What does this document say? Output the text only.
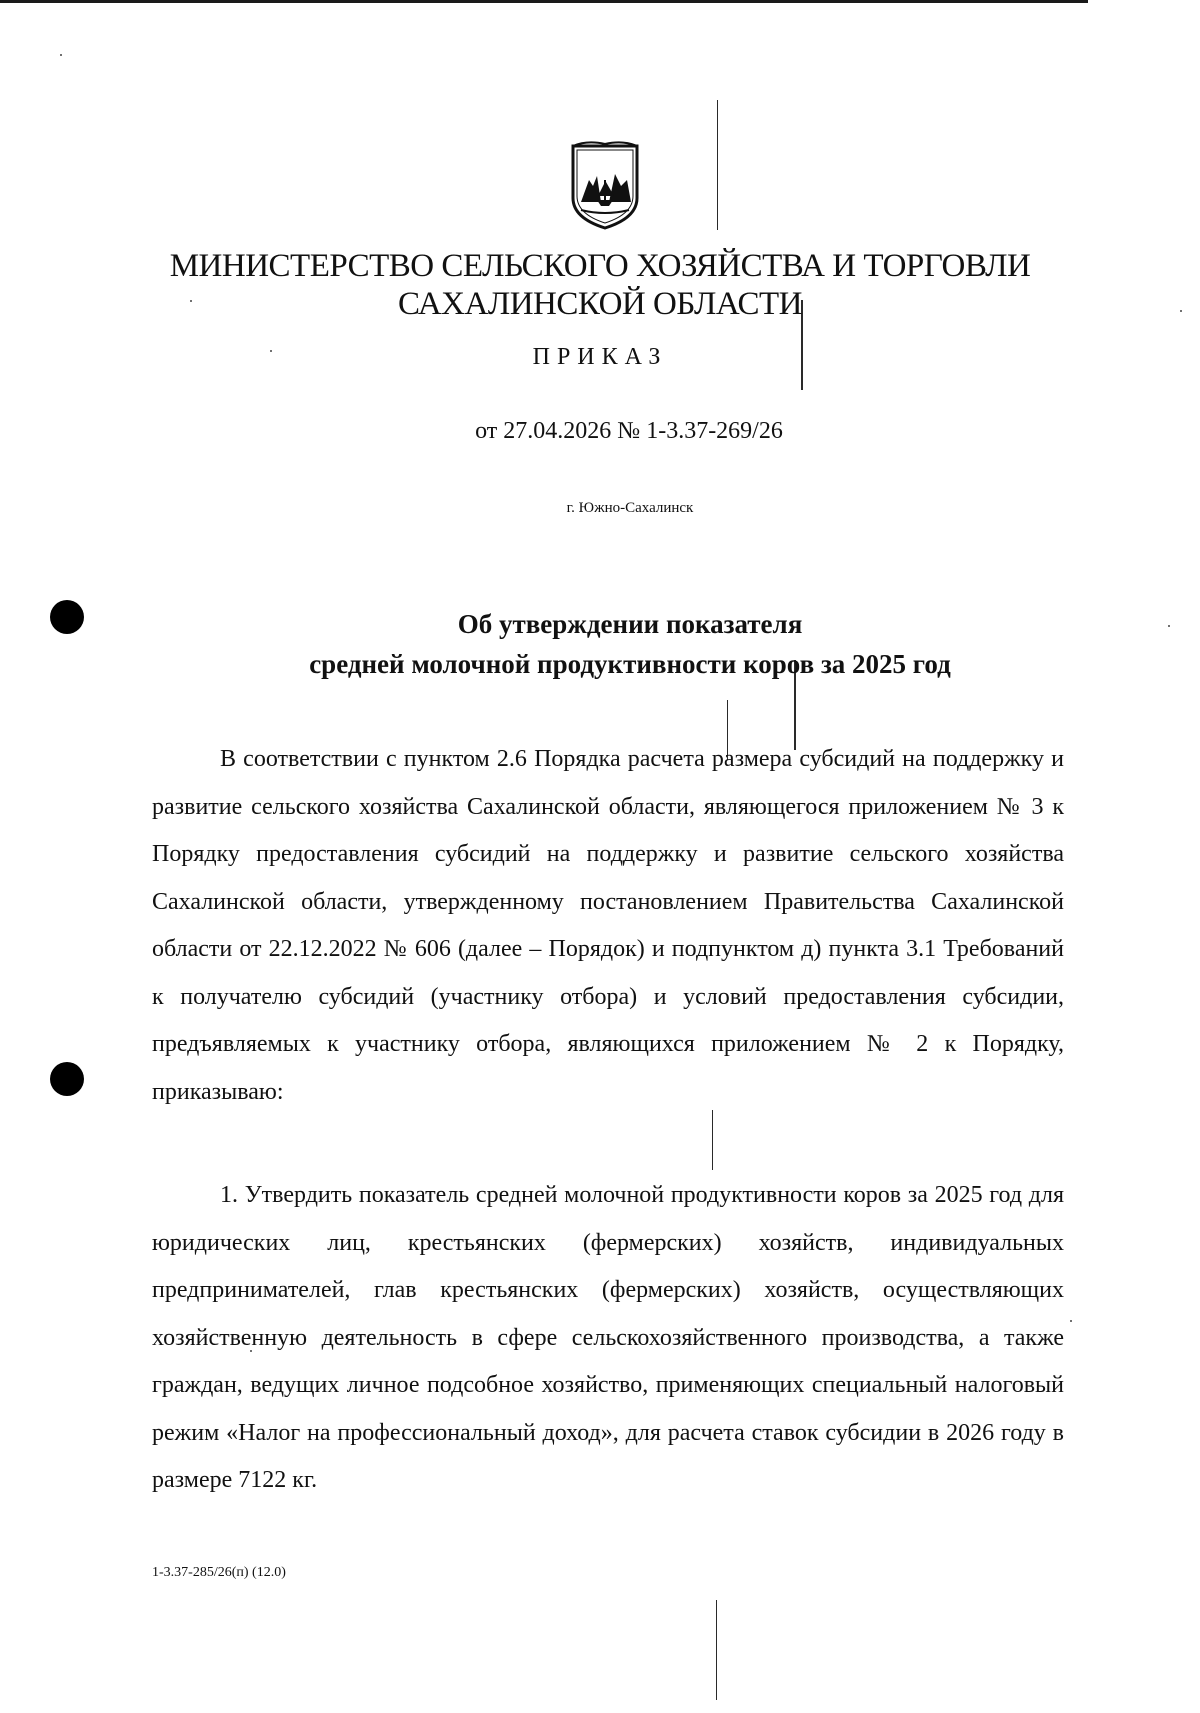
МИНИСТЕРСТВО СЕЛЬСКОГО ХОЗЯЙСТВА И ТОРГОВЛИ
САХАЛИНСКОЙ ОБЛАСТИ
ПРИКАЗ
от 27.04.2026 № 1-3.37-269/26
г. Южно-Сахалинск
Об утверждении показателя
средней молочной продуктивности коров за 2025 год
В соответствии с пунктом 2.6 Порядка расчета размера субсидий на поддержку и развитие сельского хозяйства Сахалинской области, являющегося приложением № 3 к Порядку предоставления субсидий на поддержку и развитие сельского хозяйства Сахалинской области, утвержденному постановлением Правительства Сахалинской области от 22.12.2022 № 606 (далее – Порядок) и подпунктом д) пункта 3.1 Требований к получателю субсидий (участнику отбора) и условий предоставления субсидии, предъявляемых к участнику отбора, являющихся приложением № 2 к Порядку, приказываю:
1. Утвердить показатель средней молочной продуктивности коров за 2025 год для юридических лиц, крестьянских (фермерских) хозяйств, индивидуальных предпринимателей, глав крестьянских (фермерских) хозяйств, осуществляющих хозяйственную деятельность в сфере сельскохозяйственного производства, а также граждан, ведущих личное подсобное хозяйство, применяющих специальный налоговый режим «Налог на профессиональный доход», для расчета ставок субсидии в 2026 году в размере 7122 кг.
1-3.37-285/26(п) (12.0)
